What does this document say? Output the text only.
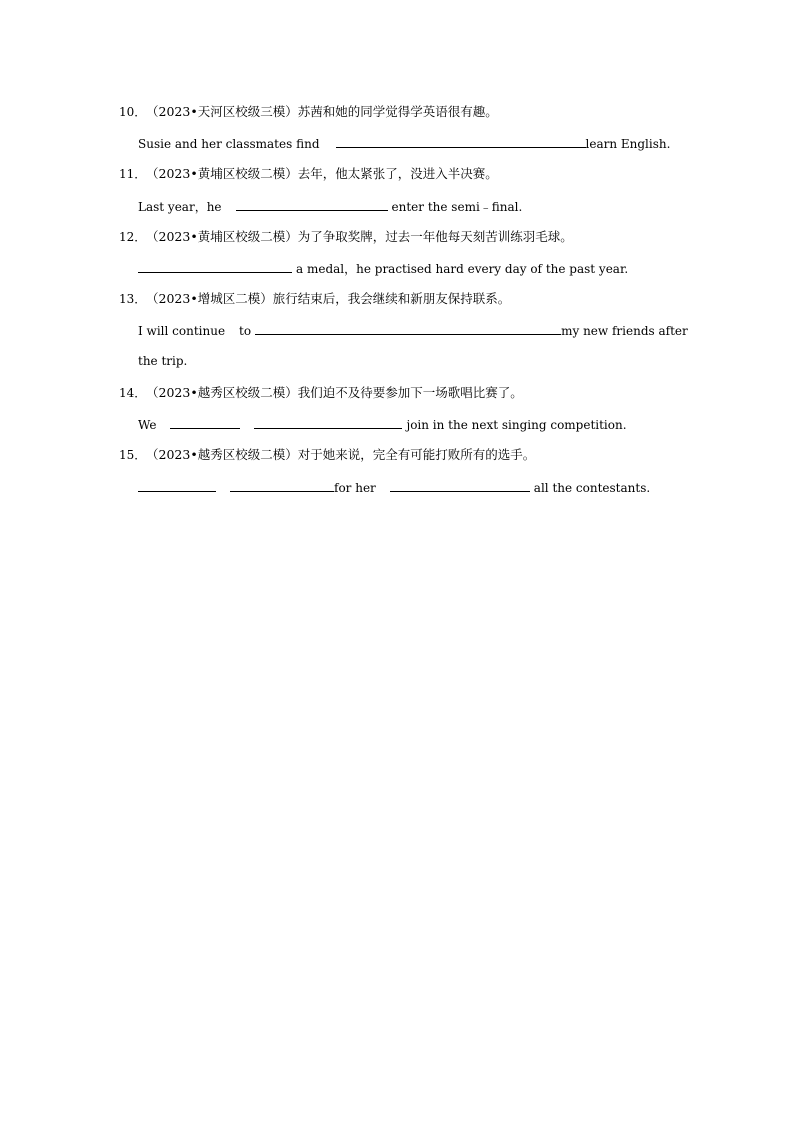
10． （2023•天河区校级三模）苏茜和她的同学觉得学英语很有趣。
Susie and her classmates find	learn English.
11． （2023•黄埔区校级二模）去年，他太紧张了，没进入半决赛。
Last year，he	enter the semi﹣final.
12． （2023•黄埔区校级二模）为了争取奖牌，过去一年他每天刻苦训练羽毛球。
a medal，he practised hard every day of the past year.
13． （2023•增城区二模）旅行结束后，我会继续和新朋友保持联系。
I will continue to	my new friends after
the trip.
14． （2023•越秀区校级二模）我们迫不及待要参加下一场歌唱比赛了。
We	join in the next singing competition.
15． （2023•越秀区校级二模）对于她来说，完全有可能打败所有的选手。
for her	all the contestants.
